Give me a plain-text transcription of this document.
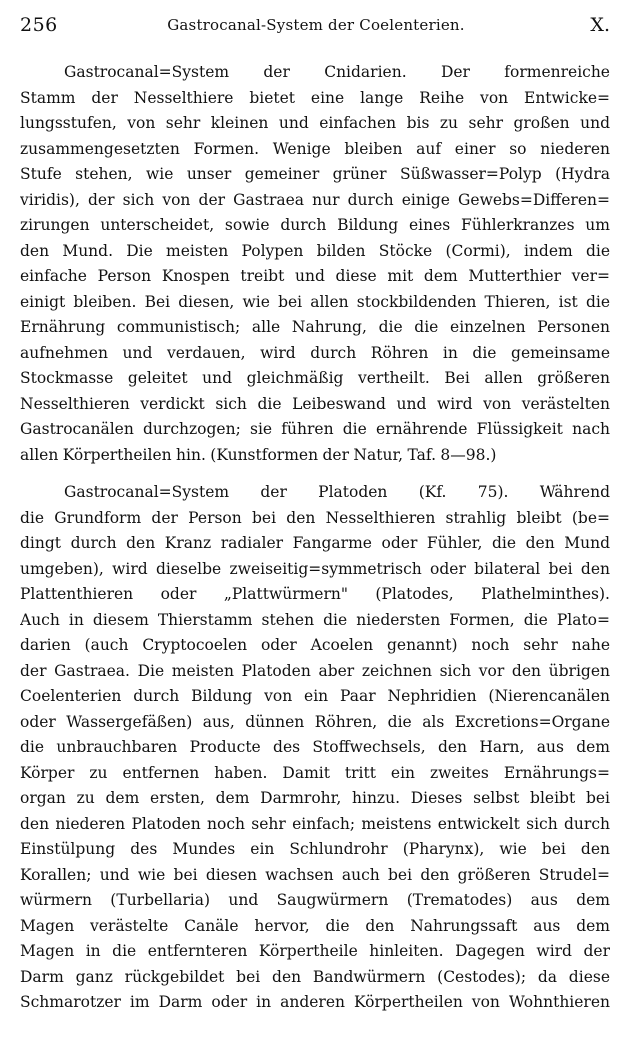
256	Gastrocanal-System der Coelenterien.	X.
Gastrocanal=System der Cnidarien. Der formenreiche
Stamm der Nesselthiere bietet eine lange Reihe von Entwicke=
lungsstufen, von sehr kleinen und einfachen bis zu sehr großen und
zusammengesetzten Formen. Wenige bleiben auf einer so niederen
Stufe stehen, wie unser gemeiner grüner Süßwasser=Polyp (Hydra
viridis), der sich von der Gastraea nur durch einige Gewebs=Differen=
zirungen unterscheidet, sowie durch Bildung eines Fühlerkranzes um
den Mund. Die meisten Polypen bilden Stöcke (Cormi), indem die
einfache Person Knospen treibt und diese mit dem Mutterthier ver=
einigt bleiben. Bei diesen, wie bei allen stockbildenden Thieren, ist die
Ernährung communistisch; alle Nahrung, die die einzelnen Personen
aufnehmen und verdauen, wird durch Röhren in die gemeinsame
Stockmasse geleitet und gleichmäßig vertheilt. Bei allen größeren
Nesselthieren verdickt sich die Leibeswand und wird von verästelten
Gastrocanälen durchzogen; sie führen die ernährende Flüssigkeit nach
allen Körpertheilen hin. (Kunstformen der Natur, Taf. 8—98.)
Gastrocanal=System der Platoden (Kf. 75). Während
die Grundform der Person bei den Nesselthieren strahlig bleibt (be=
dingt durch den Kranz radialer Fangarme oder Fühler, die den Mund
umgeben), wird dieselbe zweiseitig=symmetrisch oder bilateral bei den
Plattenthieren oder „Plattwürmern" (Platodes, Plathelminthes).
Auch in diesem Thierstamm stehen die niedersten Formen, die Plato=
darien (auch Cryptocoelen oder Acoelen genannt) noch sehr nahe
der Gastraea. Die meisten Platoden aber zeichnen sich vor den übrigen
Coelenterien durch Bildung von ein Paar Nephridien (Nierencanälen
oder Wassergefäßen) aus, dünnen Röhren, die als Excretions=Organe
die unbrauchbaren Producte des Stoffwechsels, den Harn, aus dem
Körper zu entfernen haben. Damit tritt ein zweites Ernährungs=
organ zu dem ersten, dem Darmrohr, hinzu. Dieses selbst bleibt bei
den niederen Platoden noch sehr einfach; meistens entwickelt sich durch
Einstülpung des Mundes ein Schlundrohr (Pharynx), wie bei den
Korallen; und wie bei diesen wachsen auch bei den größeren Strudel=
würmern (Turbellaria) und Saugwürmern (Trematodes) aus dem
Magen verästelte Canäle hervor, die den Nahrungssaft aus dem
Magen in die entfernteren Körpertheile hinleiten. Dagegen wird der
Darm ganz rückgebildet bei den Bandwürmern (Cestodes); da diese
Schmarotzer im Darm oder in anderen Körpertheilen von Wohnthieren
